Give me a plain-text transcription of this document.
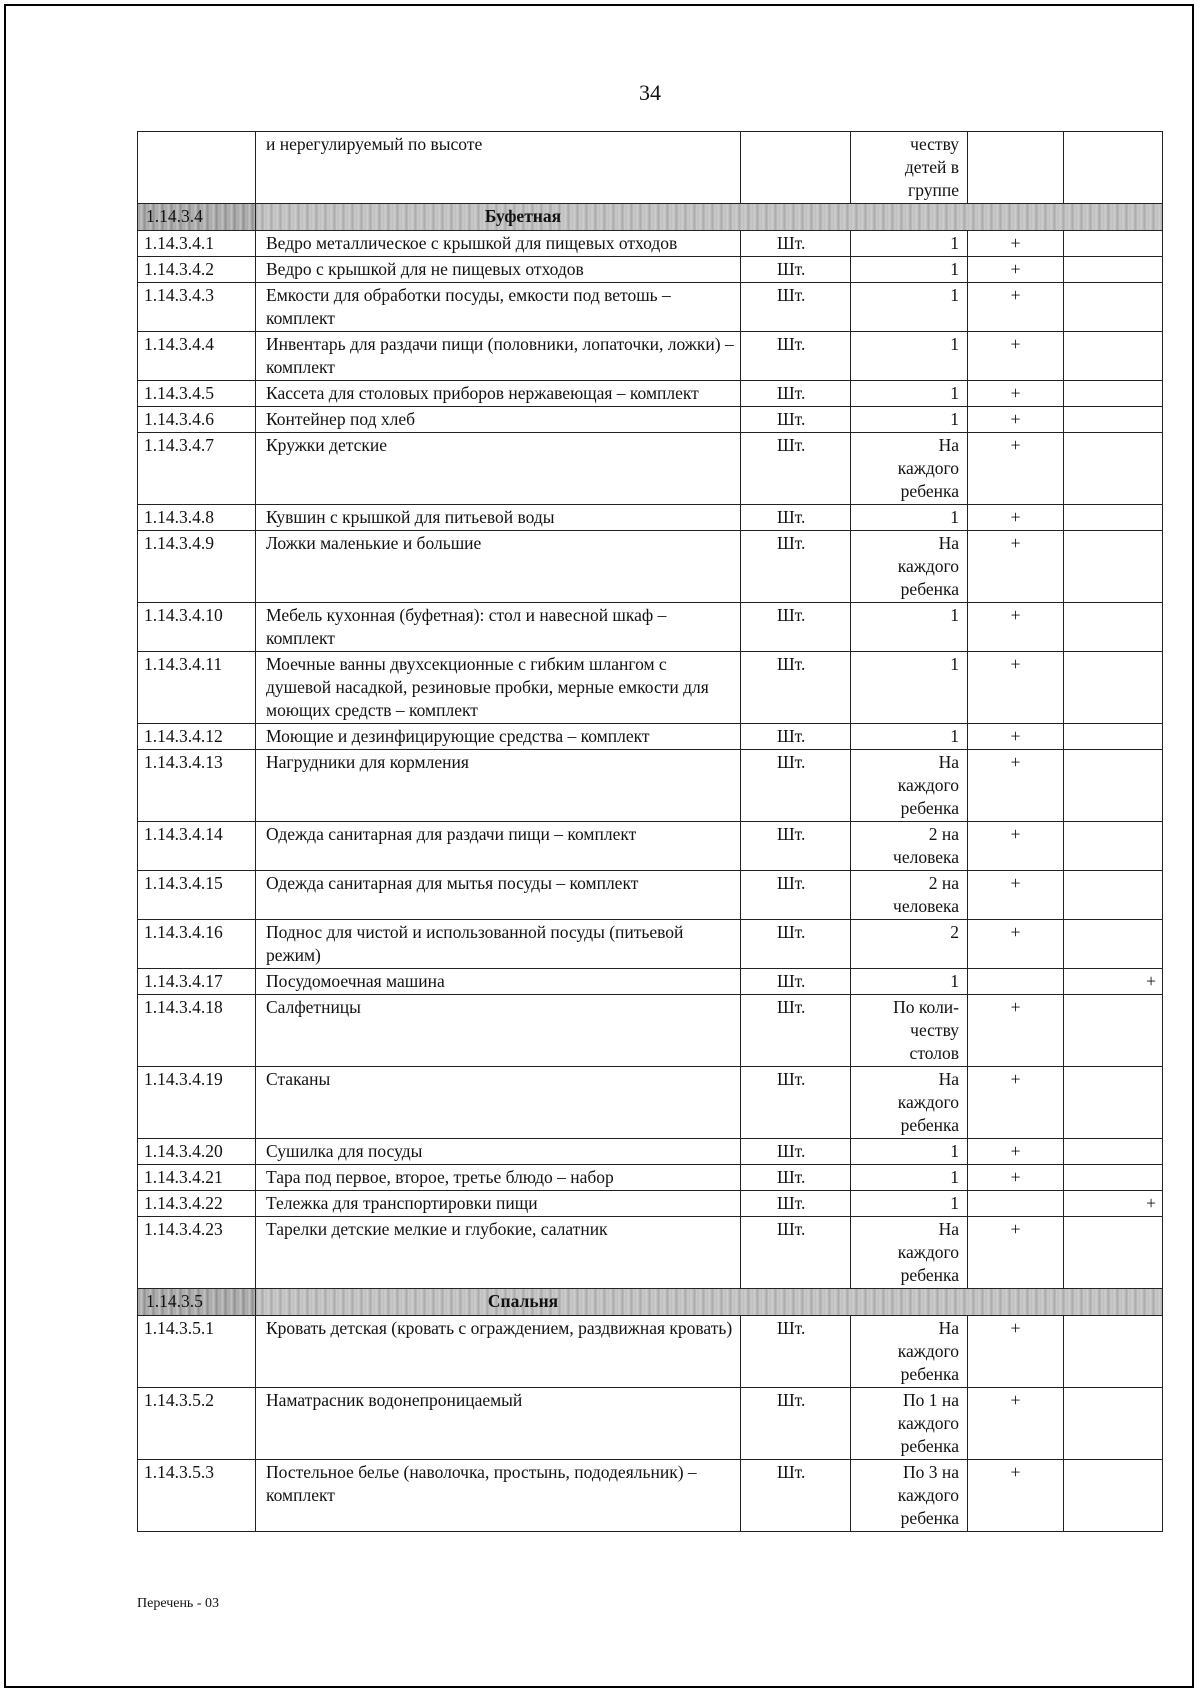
34
	и нерегулируемый по высоте		честву детей в группе		
1.14.3.4	Буфетная				
1.14.3.4.1	Ведро металлическое с крышкой для пищевых отходов	Шт.	1	+	
1.14.3.4.2	Ведро с крышкой для не пищевых отходов	Шт.	1	+	
1.14.3.4.3	Емкости для обработки посуды, емкости под ветошь – комплект	Шт.	1	+	
1.14.3.4.4	Инвентарь для раздачи пищи (половники, лопаточки, ложки) – комплект	Шт.	1	+	
1.14.3.4.5	Кассета для столовых приборов нержавеющая – комплект	Шт.	1	+	
1.14.3.4.6	Контейнер под хлеб	Шт.	1	+	
1.14.3.4.7	Кружки детские	Шт.	На каждого ребенка	+	
1.14.3.4.8	Кувшин с крышкой для питьевой воды	Шт.	1	+	
1.14.3.4.9	Ложки маленькие и большие	Шт.	На каждого ребенка	+	
1.14.3.4.10	Мебель кухонная (буфетная): стол и навесной шкаф – комплект	Шт.	1	+	
1.14.3.4.11	Моечные ванны двухсекционные с гибким шлангом с душевой насадкой, резиновые пробки, мерные емкости для моющих средств – комплект	Шт.	1	+	
1.14.3.4.12	Моющие и дезинфицирующие средства – комплект	Шт.	1	+	
1.14.3.4.13	Нагрудники для кормления	Шт.	На каждого ребенка	+	
1.14.3.4.14	Одежда санитарная для раздачи пищи – комплект	Шт.	2 на человека	+	
1.14.3.4.15	Одежда санитарная для мытья посуды – комплект	Шт.	2 на человека	+	
1.14.3.4.16	Поднос для чистой и использованной посуды (питьевой режим)	Шт.	2	+	
1.14.3.4.17	Посудомоечная машина	Шт.	1		+
1.14.3.4.18	Салфетницы	Шт.	По коли-честву столов	+	
1.14.3.4.19	Стаканы	Шт.	На каждого ребенка	+	
1.14.3.4.20	Сушилка для посуды	Шт.	1	+	
1.14.3.4.21	Тара под первое, второе, третье блюдо – набор	Шт.	1	+	
1.14.3.4.22	Тележка для транспортировки пищи	Шт.	1		+
1.14.3.4.23	Тарелки детские мелкие и глубокие, салатник	Шт.	На каждого ребенка	+	
1.14.3.5	Спальня				
1.14.3.5.1	Кровать детская (кровать с ограждением, раздвижная кровать)	Шт.	На каждого ребенка	+	
1.14.3.5.2	Наматрасник водонепроницаемый	Шт.	По 1 на каждого ребенка	+	
1.14.3.5.3	Постельное белье (наволочка, простынь, пододеяльник) – комплект	Шт.	По 3 на каждого ребенка	+	
Перечень - 03
